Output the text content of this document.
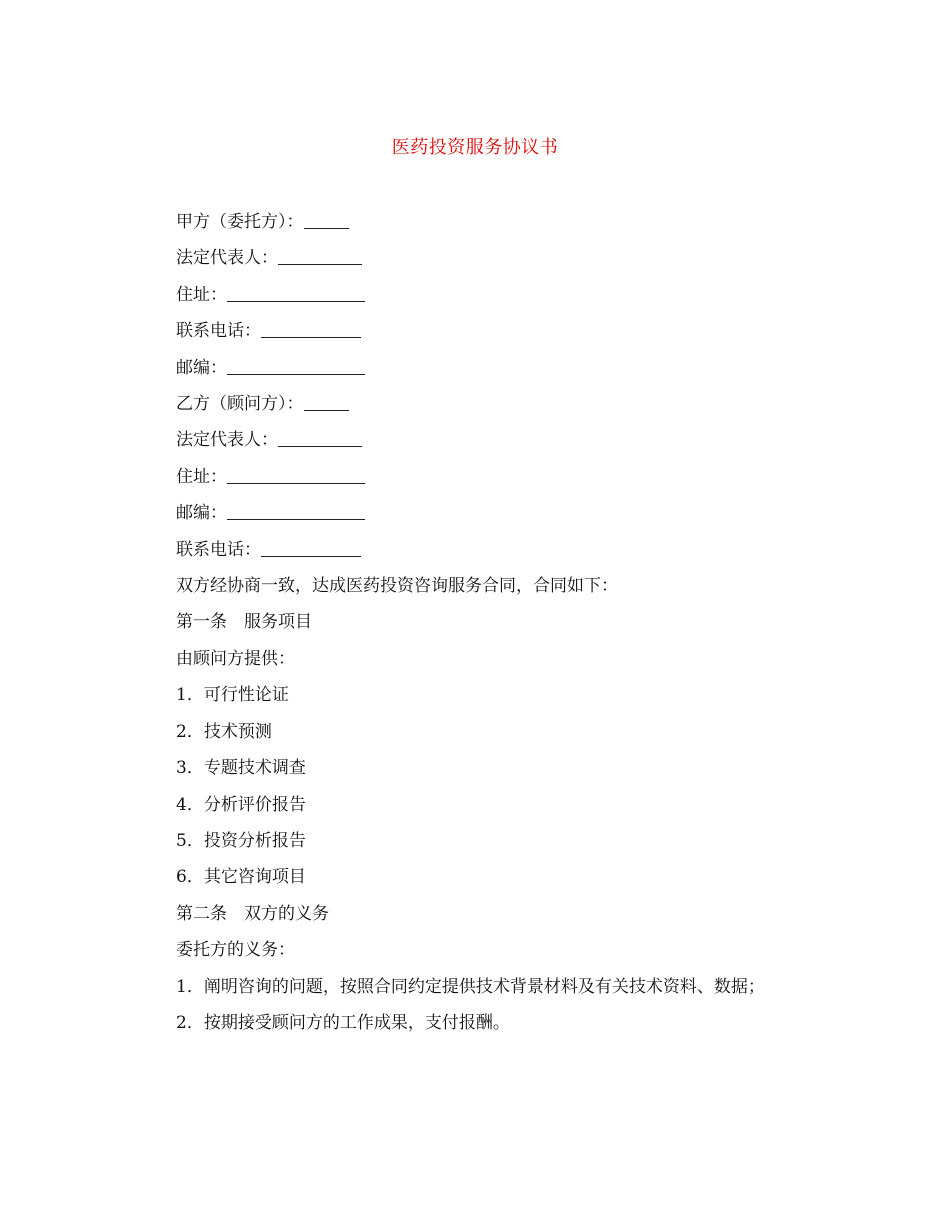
医药投资服务协议书

甲方（委托方）：

法定代表人：

住址：

联系电话：

邮编：

乙方（顾问方）：

法定代表人：

住址：

邮编：

联系电话：

双方经协商一致，达成医药投资咨询服务合同，合同如下：

第一条　服务项目

由顾问方提供：

1．可行性论证

2．技术预测

3．专题技术调查

4．分析评价报告

5．投资分析报告

6．其它咨询项目

第二条　双方的义务

委托方的义务：

1．阐明咨询的问题，按照合同约定提供技术背景材料及有关技术资料、数据；

2．按期接受顾问方的工作成果，支付报酬。
